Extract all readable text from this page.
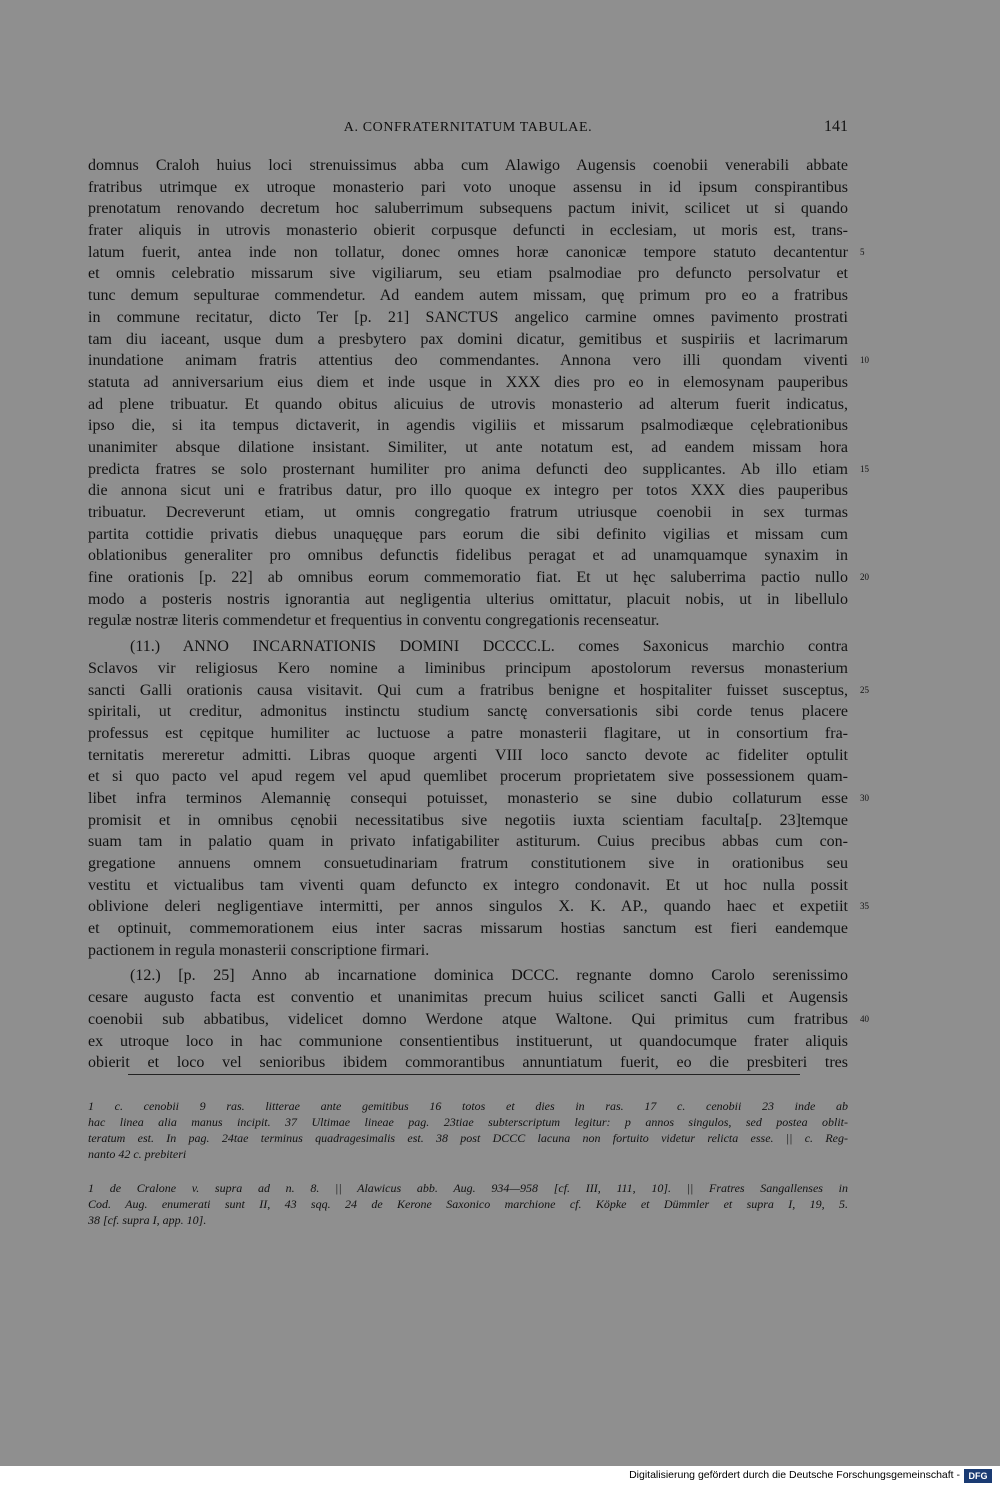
A. CONFRATERNITATUM TABULAE.	141
domnus Craloh huius loci strenuissimus abba cum Alawigo Augensis coenobii venerabili abbate
fratribus utrimque ex utroque monasterio pari voto unoque assensu in id ipsum conspirantibus
prenotatum renovando decretum hoc saluberrimum subsequens pactum inivit, scilicet ut si quando
frater aliquis in utrovis monasterio obierit corpusque defuncti in ecclesiam, ut moris est, trans-
latum fuerit, antea inde non tollatur, donec omnes horæ canonicæ tempore statuto decantentur 5
et omnis celebratio missarum sive vigiliarum, seu etiam psalmodiae pro defuncto persolvatur et
tunc demum sepulturae commendetur. Ad eandem autem missam, quę primum pro eo a fratribus
in commune recitatur, dicto Ter [p. 21] SANCTUS angelico carmine omnes pavimento prostrati
tam diu iaceant, usque dum a presbytero pax domini dicatur, gemitibus et suspiriis et lacrimarum
inundatione animam fratris attentius deo commendantes. Annona vero illi quondam viventi 10
statuta ad anniversarium eius diem et inde usque in XXX dies pro eo in elemosynam pauperibus
ad plene tribuatur. Et quando obitus alicuius de utrovis monasterio ad alterum fuerit indicatus,
ipso die, si ita tempus dictaverit, in agendis vigiliis et missarum psalmodiæque cęlebrationibus
unanimiter absque dilatione insistant. Similiter, ut ante notatum est, ad eandem missam hora
predicta fratres se solo prosternant humiliter pro anima defuncti deo supplicantes. Ab illo etiam 15
die annona sicut uni e fratribus datur, pro illo quoque ex integro per totos XXX dies pauperibus
tribuatur. Decreverunt etiam, ut omnis congregatio fratrum utriusque coenobii in sex turmas
partita cottidie privatis diebus unaquęque pars eorum die sibi definito vigilias et missam cum
oblationibus generaliter pro omnibus defunctis fidelibus peragat et ad unamquamque synaxim in
fine orationis [p. 22] ab omnibus eorum commemoratio fiat. Et ut hęc saluberrima pactio nullo 20
modo a posteris nostris ignorantia aut negligentia ulterius omittatur, placuit nobis, ut in libellulo
regulæ nostræ literis commendetur et frequentius in conventu congregationis recenseatur.
(11.) ANNO INCARNATIONIS DOMINI DCCCC.L. comes Saxonicus marchio contra
Sclavos vir religiosus Kero nomine a liminibus principum apostolorum reversus monasterium
sancti Galli orationis causa visitavit. Qui cum a fratribus benigne et hospitaliter fuisset susceptus, 25
spiritali, ut creditur, admonitus instinctu studium sanctę conversationis sibi corde tenus placere
professus est cępitque humiliter ac luctuose a patre monasterii flagitare, ut in consortium fra-
ternitatis mereretur admitti. Libras quoque argenti VIII loco sancto devote ac fideliter optulit
et si quo pacto vel apud regem vel apud quemlibet procerum proprietatem sive possessionem quam-
libet infra terminos Alemannię consequi potuisset, monasterio se sine dubio collaturum esse 30
promisit et in omnibus cęnobii necessitatibus sive negotiis iuxta scientiam faculta[p. 23]temque
suam tam in palatio quam in privato infatigabiliter astiturum. Cuius precibus abbas cum con-
gregatione annuens omnem consuetudinariam fratrum constitutionem sive in orationibus seu
vestitu et victualibus tam viventi quam defuncto ex integro condonavit. Et ut hoc nulla possit
oblivione deleri negligentiave intermitti, per annos singulos X. K. AP., quando haec et expetiit 35
et optinuit, commemorationem eius inter sacras missarum hostias sanctum est fieri eandemque
pactionem in regula monasterii conscriptione firmari.
(12.) [p. 25] Anno ab incarnatione dominica DCCC. regnante domno Carolo serenissimo
cesare augusto facta est conventio et unanimitas precum huius scilicet sancti Galli et Augensis
coenobii sub abbatibus, videlicet domno Werdone atque Waltone. Qui primitus cum fratribus 40
ex utroque loco in hac communione consentientibus instituerunt, ut quandocumque frater aliquis
obierit et loco vel senioribus ibidem commorantibus annuntiatum fuerit, eo die presbiteri tres
1 c. cenobii 9 ras. litterae ante gemitibus 16 totos et dies in ras. 17 c. cenobii 23 inde ab
hac linea alia manus incipit. 37 Ultimae lineae pag. 23tiae subterscriptum legitur: p annos singulos, sed postea oblit-
teratum est. In pag. 24tae terminus quadragesimalis est. 38 post DCCC lacuna non fortuito videtur relicta esse. || c. Reg-
nanto 42 c. prebiteri
1 de Cralone v. supra ad n. 8. || Alawicus abb. Aug. 934—958 [cf. III, 111, 10]. || Fratres Sangallenses in
Cod. Aug. enumerati sunt II, 43 sqq. 24 de Kerone Saxonico marchione cf. Köpke et Dümmler et supra I, 19, 5.
38 [cf. supra I, app. 10].
Digitalisierung gefördert durch die Deutsche Forschungsgemeinschaft - DFG
